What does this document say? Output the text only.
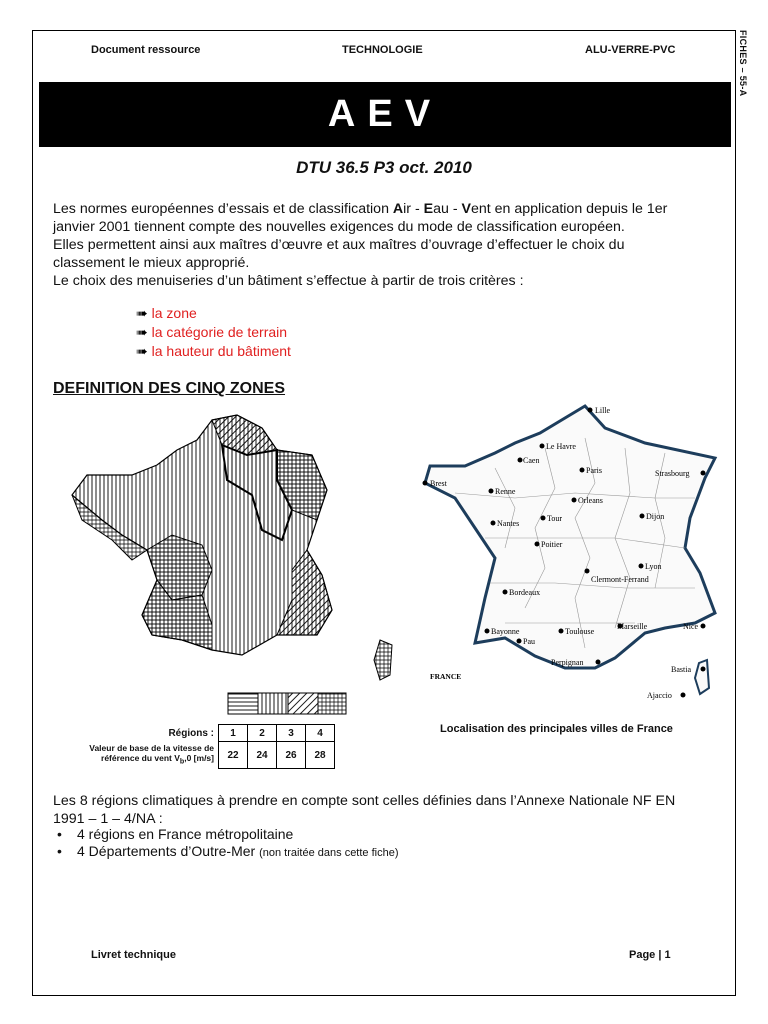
FICHES – 55-A
Document ressource	TECHNOLOGIE	ALU-VERRE-PVC
AEV
DTU 36.5 P3 oct. 2010

Les normes européennes d’essais et de classification Air - Eau - Vent en application depuis le 1er janvier 2001 tiennent compte des nouvelles exigences du mode de classification européen.

Elles permettent ainsi aux maîtres d’œuvre et aux maîtres d’ouvrage d’effectuer le choix du classement le mieux approprié.

Le choix des menuiseries d’un bâtiment s’effectue à partir de trois critères :

➠ la zone
➠ la catégorie de terrain
➠ la hauteur du bâtiment
DEFINITION DES CINQ ZONES
Régions :	1	2	3	4
Valeur de base de la vitesse de référence du vent $V_b,0$ [m/s]	22	24	26	28
Lille
Le Havre
Caen
Paris	Strasbourg
Brest
Renne
Orleans
Nantes
Tour	Dijon
Poitier
Lyon
Clermont-Ferrand
Bordeaux
Marseille	Nice
Bayonne	Toulouse
Pau
Perpignan
Bastia
Ajaccio
FRANCE
Localisation des principales villes de France
Les 8 régions climatiques à prendre en compte sont celles définies dans l’Annexe Nationale NF EN 1991 – 1 – 4/NA :
• 4 régions en France métropolitaine
• 4 Départements d’Outre-Mer (non traitée dans cette fiche)
Livret technique	Page | 1
